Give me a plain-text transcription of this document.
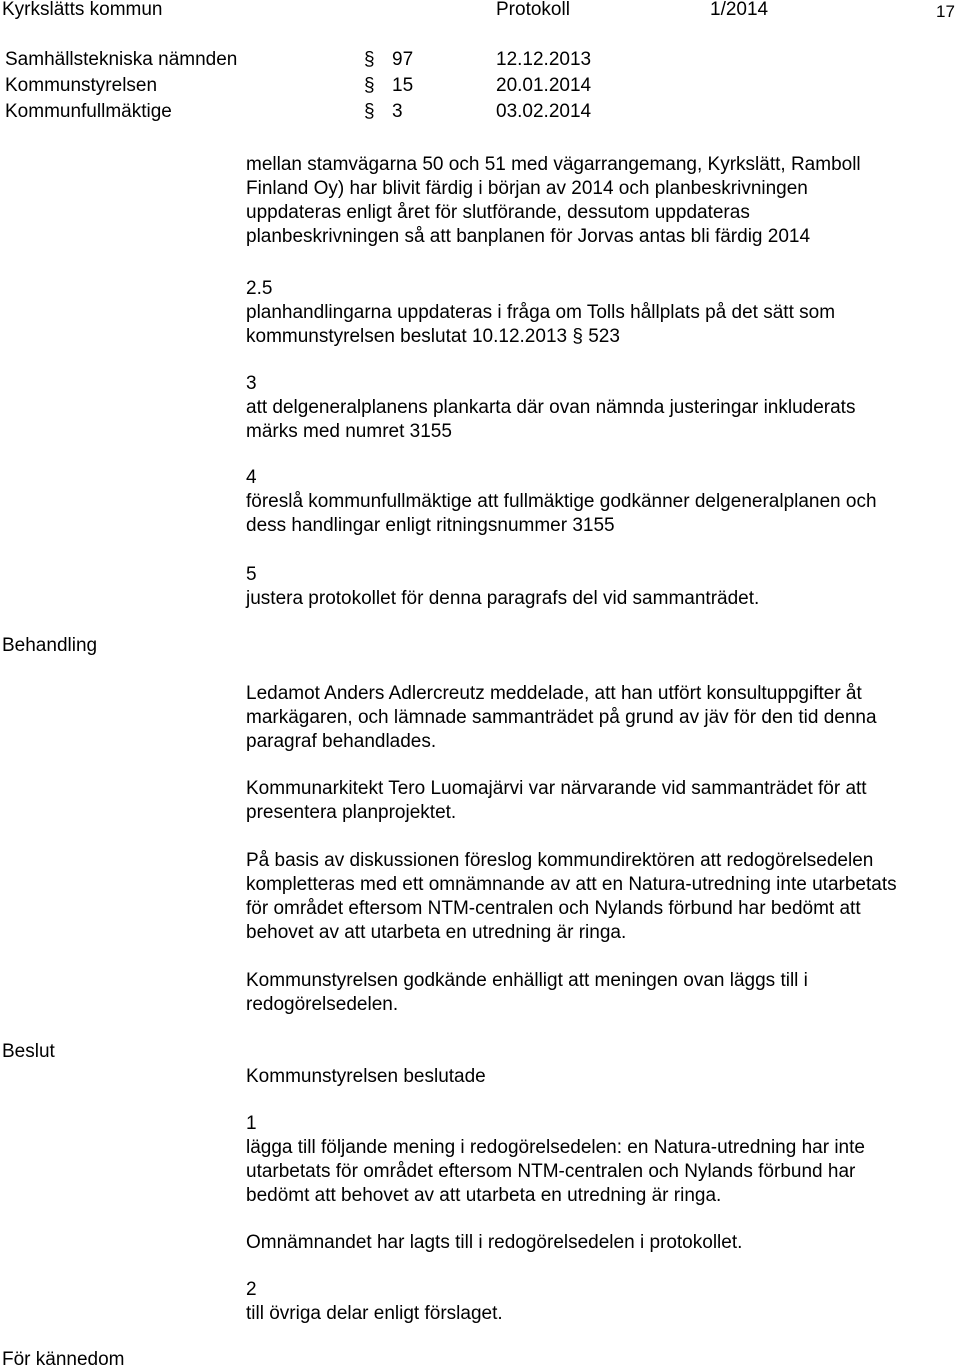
Kyrkslätts kommun	Protokoll	1/2014	17
Samhällstekniska nämnden	§ 97	12.12.2013
Kommunstyrelsen	§ 15	20.01.2014
Kommunfullmäktige	§ 3	03.02.2014
mellan stamvägarna 50 och 51 med vägarrangemang, Kyrkslätt, Ramboll
Finland Oy) har blivit färdig i början av 2014 och planbeskrivningen
uppdateras enligt året för slutförande, dessutom uppdateras
planbeskrivningen så att banplanen för Jorvas antas bli färdig 2014
2.5
planhandlingarna uppdateras i fråga om Tolls hållplats på det sätt som
kommunstyrelsen beslutat 10.12.2013 § 523
3
att delgeneralplanens plankarta där ovan nämnda justeringar inkluderats
märks med numret 3155
4
föreslå kommunfullmäktige att fullmäktige godkänner delgeneralplanen och
dess handlingar enligt ritningsnummer 3155
5
justera protokollet för denna paragrafs del vid sammanträdet.
Behandling
Ledamot Anders Adlercreutz meddelade, att han utfört konsultuppgifter åt
markägaren, och lämnade sammanträdet på grund av jäv för den tid denna
paragraf behandlades.
Kommunarkitekt Tero Luomajärvi var närvarande vid sammanträdet för att
presentera planprojektet.
På basis av diskussionen föreslog kommundirektören att redogörelsedelen
kompletteras med ett omnämnande av att en Natura-utredning inte utarbetats
för området eftersom NTM-centralen och Nylands förbund har bedömt att
behovet av att utarbeta en utredning är ringa.
Kommunstyrelsen godkände enhälligt att meningen ovan läggs till i
redogörelsedelen.
Beslut
Kommunstyrelsen beslutade
1
lägga till följande mening i redogörelsedelen: en Natura-utredning har inte
utarbetats för området eftersom NTM-centralen och Nylands förbund har
bedömt att behovet av att utarbeta en utredning är ringa.
Omnämnandet har lagts till i redogörelsedelen i protokollet.
2
till övriga delar enligt förslaget.
För kännedom
